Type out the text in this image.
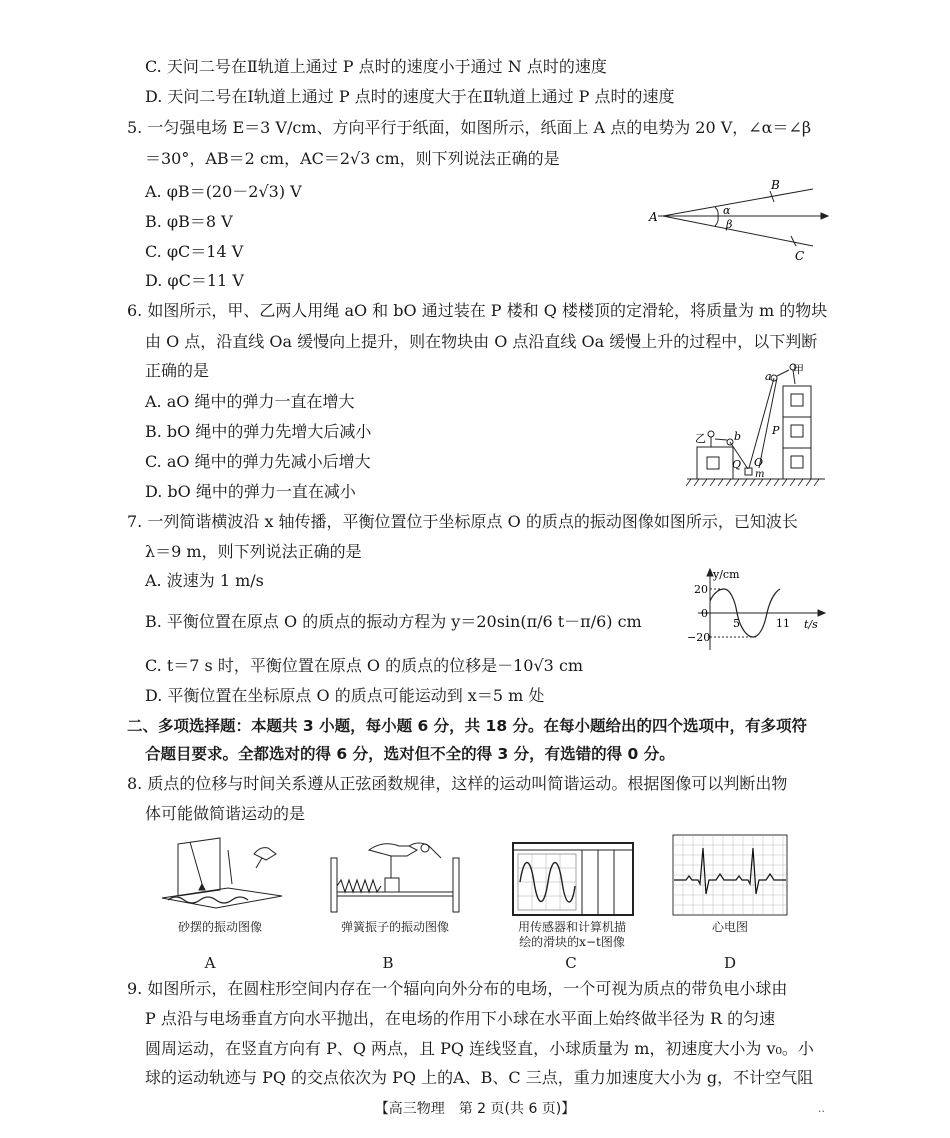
C. 天问二号在Ⅱ轨道上通过 P 点时的速度小于通过 N 点时的速度
D. 天问二号在Ⅰ轨道上通过 P 点时的速度大于在Ⅱ轨道上通过 P 点时的速度
5. 一匀强电场 E＝3 V/cm、方向平行于纸面，如图所示，纸面上 A 点的电势为 20 V，∠α＝∠β
＝30°，AB＝2 cm，AC＝2√3 cm，则下列说法正确的是
A. φB＝(20－2√3) V
B. φB＝8 V
C. φC＝14 V
D. φC＝11 V
A
B
C
α
β
6. 如图所示，甲、乙两人用绳 aO 和 bO 通过装在 P 楼和 Q 楼楼顶的定滑轮，将质量为 m 的物块
由 O 点，沿直线 Oa 缓慢向上提升，则在物块由 O 点沿直线 Oa 缓慢上升的过程中，以下判断
正确的是
A. aO 绳中的弹力一直在增大
B. bO 绳中的弹力先增大后减小
C. aO 绳中的弹力先减小后增大
D. bO 绳中的弹力一直在减小
甲
a
乙	b	P
Q O
m
7. 一列简谐横波沿 x 轴传播，平衡位置位于坐标原点 O 的质点的振动图像如图所示，已知波长
λ＝9 m，则下列说法正确的是
A. 波速为 1 m/s
B. 平衡位置在原点 O 的质点的振动方程为 y＝20sin(π/6 t－π/6) cm
C. t＝7 s 时，平衡位置在原点 O 的质点的位移是－10√3 cm
D. 平衡位置在坐标原点 O 的质点可能运动到 x＝5 m 处
y/cm
t/s
20
0
−20
5	11
二、多项选择题：本题共 3 小题，每小题 6 分，共 18 分。在每小题给出的四个选项中，有多项符
合题目要求。全都选对的得 6 分，选对但不全的得 3 分，有选错的得 0 分。
8. 质点的位移与时间关系遵从正弦函数规律，这样的运动叫简谐运动。根据图像可以判断出物
体可能做简谐运动的是
砂摆的振动图像
A
弹簧振子的振动图像
B
用传感器和计算机描
绘的滑块的x−t图像
C
心电图
D
9. 如图所示，在圆柱形空间内存在一个辐向向外分布的电场，一个可视为质点的带负电小球由
P 点沿与电场垂直方向水平抛出，在电场的作用下小球在水平面上始终做半径为 R 的匀速
圆周运动，在竖直方向有 P、Q 两点，且 PQ 连线竖直，小球质量为 m，初速度大小为 v₀。小
球的运动轨迹与 PQ 的交点依次为 PQ 上的A、B、C 三点，重力加速度大小为 g，不计空气阻
【高三物理　第 2 页(共 6 页)】	..
